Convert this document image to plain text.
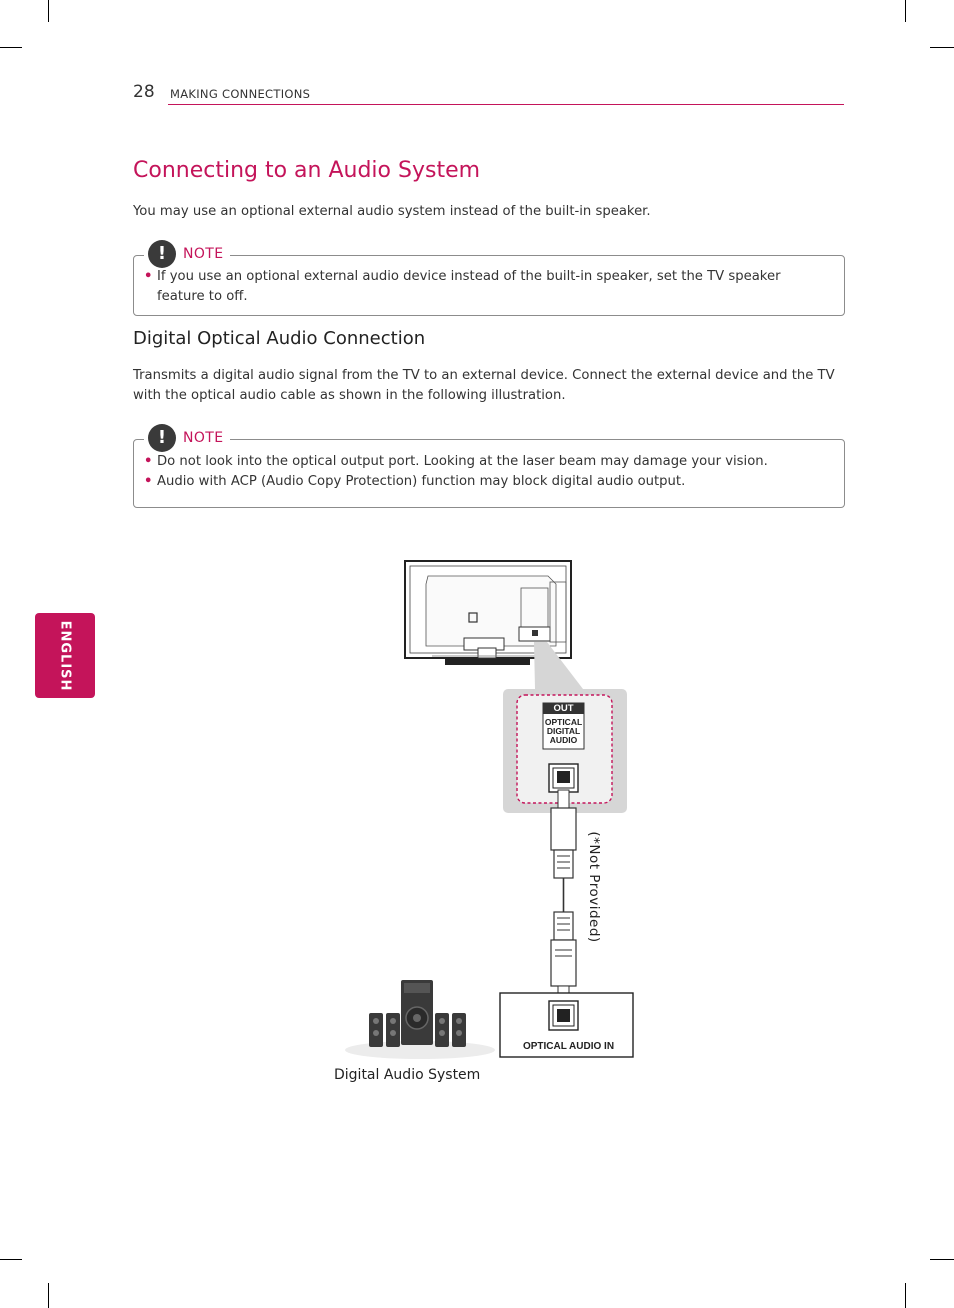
28 MAKING CONNECTIONS
ENGLISH
Connecting to an Audio System

You may use an optional external audio system instead of the built-in speaker.

!	NOTE
• If you use an optional external audio device instead of the built-in speaker, set the TV speaker feature to off.
Digital Optical Audio Connection

Transmits a digital audio signal from the TV to an external device. Connect the external device and the TV with the optical audio cable as shown in the following illustration.

!	NOTE
• Do not look into the optical output port. Looking at the laser beam may damage your vision.
• Audio with ACP (Audio Copy Protection) function may block digital audio output.
OUT
OPTICAL
DIGITAL
AUDIO
(*Not Provided)
OPTICAL AUDIO IN
Digital Audio System
